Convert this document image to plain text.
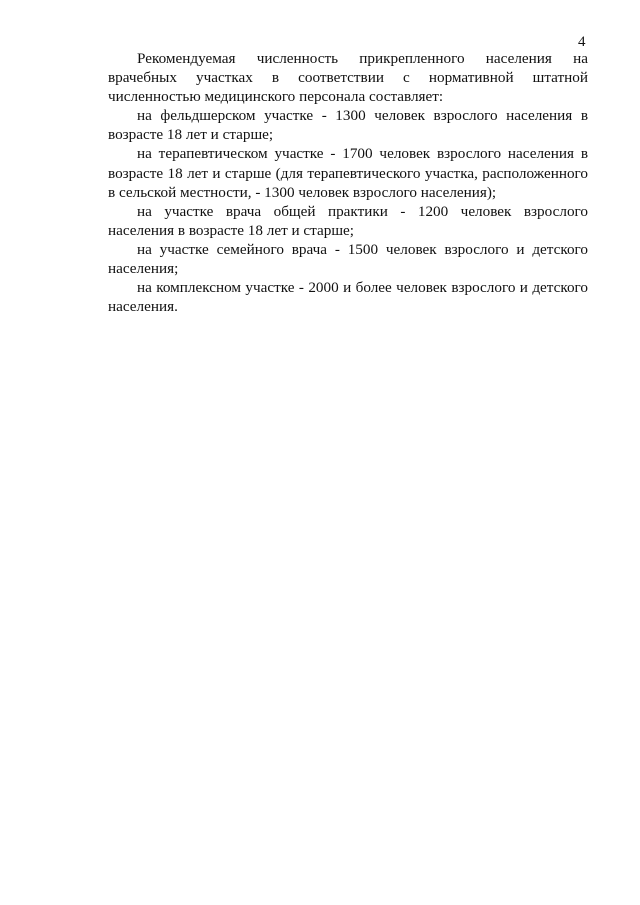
4

Рекомендуемая численность прикрепленного населения на врачебных участках в соответствии с нормативной штатной численностью медицинского персонала составляет:

на фельдшерском участке - 1300 человек взрослого населения в возрасте 18 лет и старше;

на терапевтическом участке - 1700 человек взрослого населения в возрасте 18 лет и старше (для терапевтического участка, расположенного в сельской местности, - 1300 человек взрослого населения);

на участке врача общей практики - 1200 человек взрослого населения в возрасте 18 лет и старше;

на участке семейного врача - 1500 человек взрослого и детского населения;

на комплексном участке - 2000 и более человек взрослого и детского населения.
